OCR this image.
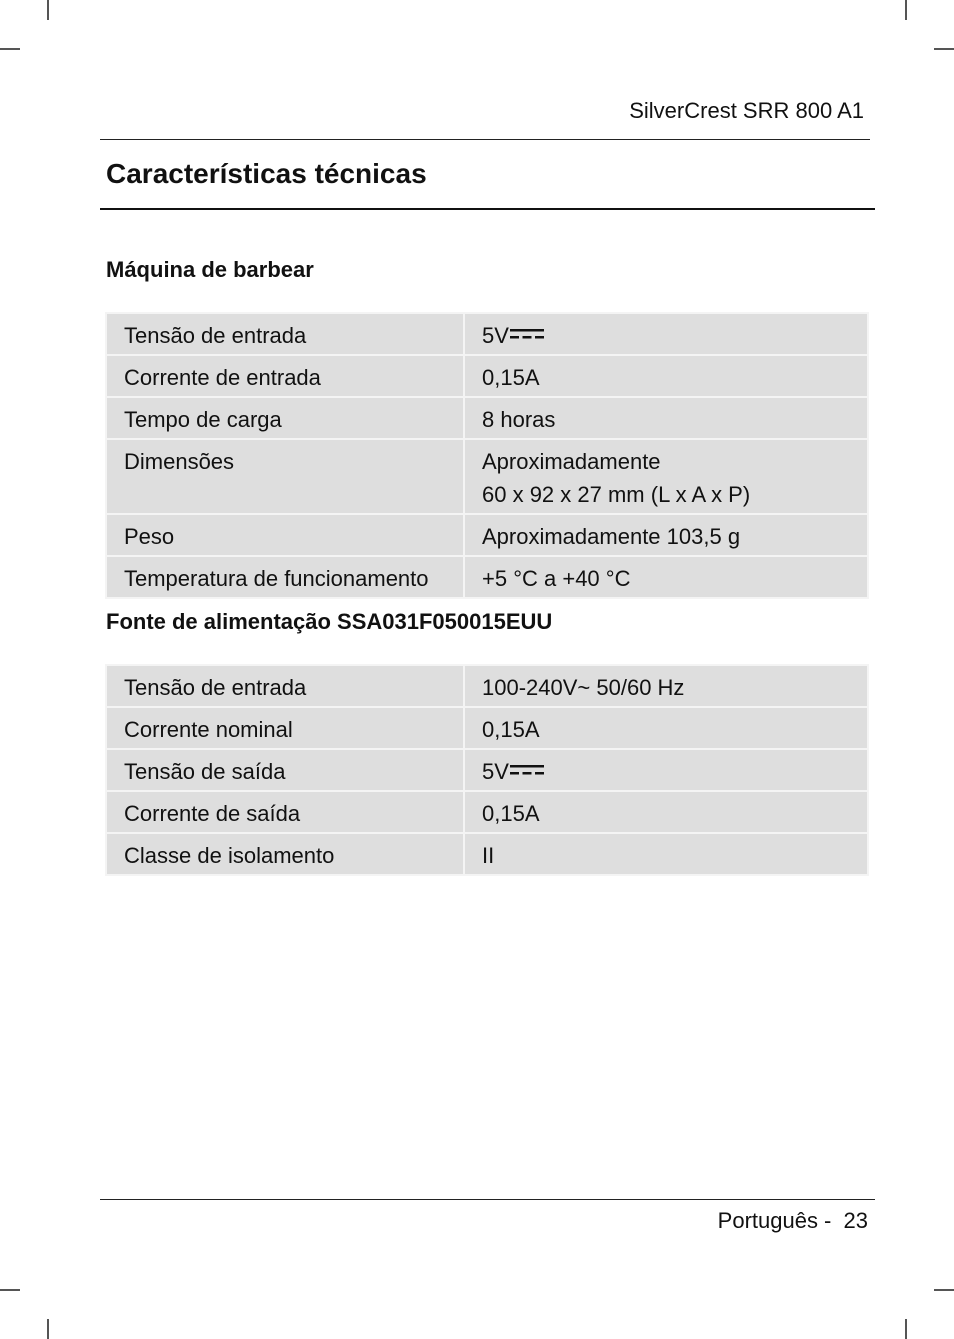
SilverCrest SRR 800 A1
Características técnicas
Máquina de barbear
Tensão de entrada	5V
Corrente de entrada	0,15A
Tempo de carga	8 horas
Dimensões	Aproximadamente
60 x 92 x 27 mm (L x A x P)

Peso	Aproximadamente 103,5 g
Temperatura de funcionamento	+5 °C a +40 °C
Fonte de alimentação SSA031F050015EUU
Tensão de entrada	100-240V~ 50/60 Hz
Corrente nominal	0,15A
Tensão de saída	5V
Corrente de saída	0,15A
Classe de isolamento	II
Português - 23
